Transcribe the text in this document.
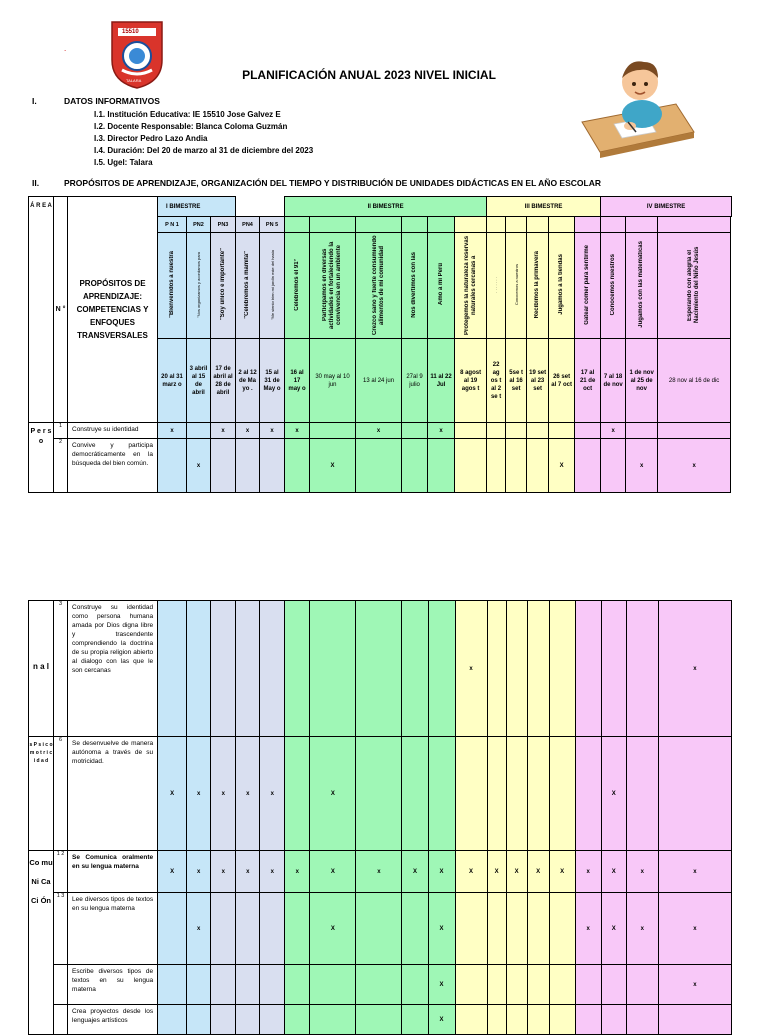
.
15510
TALARA	PLANIFICACIÓN ANUAL 2023 NIVEL INICIAL
I.	DATOS INFORMATIVOS
I.1. Institución Educativa: IE 15510 Jose Galvez E
I.2. Docente Responsable: Blanca Coloma Guzmán
I.3. Director Pedro Lazo Andia
I.4. Duración: Del 20 de marzo al 31 de diciembre del 2023
I.5. Ugel: Talara
II.	PROPÓSITOS DE APRENDIZAJE, ORGANIZACIÓN DEL TIEMPO Y DISTRIBUCIÓN DE UNIDADES DIDÁCTICAS EN EL AÑO ESCOLAR
Á R E A	N °	PROPÓSITOS DE APRENDIZAJE: COMPETENCIAS Y ENFOQUES TRANSVERSALES	I BIMESTRE					II BIMESTRE						III BIMESTRE					IV BIMESTRE		
			P N 1	PN2	PN3	PN4	PN 5														
			"Bienvenidos a nuestra	"Nos organizamos y acordamos para	"Soy único e importante"	"Celebremos a mamita"	"Me siento bien mi jardín este del hasta	Celebremos el 91°	Participamos en diversas actividades en fortaleciendo la convivencia en un ambiente	Crezco sano y fuerte consumiendo alimentos de mi comunidad	Nos divertimos con las	Amo a mi Perú	Protegemos la naturaleza reservas naturales cercanas a	· · · · · · ·	Conocemos a nuestros	Recibimos la primavera	Jugamos a la tiendas	Gatear comer para sentirme	Conocemos nuestros	Jugamos con las matemáticas	Esperando con alegría el Nacimiento del Niño Jesús
			20 al 31 marz o	3 abril al 15 de abril	17 de abril al 28 de abril	2 al 12 de Ma yo .	15 al 31 de May o	16 al 17 may o	30 may al 10 jun	13 al 24 jun	27al 9 julio	11 al 22 Jul	8 agost al 19 agos t	22 ag os t al 2 se t	5se t al 16 set	19 set al 23 set	26 set al 7 oct	17 al 21 de oct	7 al 18 de nov	1 de nov al 25 de nov	28 nov al 16 de dic

P e r s o	1	Construye su identidad	x		x	x	x	x		x		x							x		
	2	Convive y participa democráticamente en la búsqueda del bien común.		x					X								X			x	x
n a l	3	Construye su identidad como persona humana amada por Dios digna libre y trascendente comprendiendo la doctrina de su propia religion abierto al dialogo con las que le son cercanas											x								x
s P s i c o m o t r i c i d a d	6	Se desenvuelve de manera autónoma a través de su motricidad.	X	x	x	x	x		X										X		
Co mu Ni Ca Ci Ón	1 2	Se Comunica oralmente en su lengua materna	X	x	x	x	x	x	X	x	X	X	X	X	X	X	X	x	X	x	x
	1 3	Lee diversos tipos de textos en su lengua materna		x					X			X						x	X	x	x
		Escribe diversos tipos de textos en su lengua materna										X									x
		Crea proyectos desde los lenguajes artísticos										X									
